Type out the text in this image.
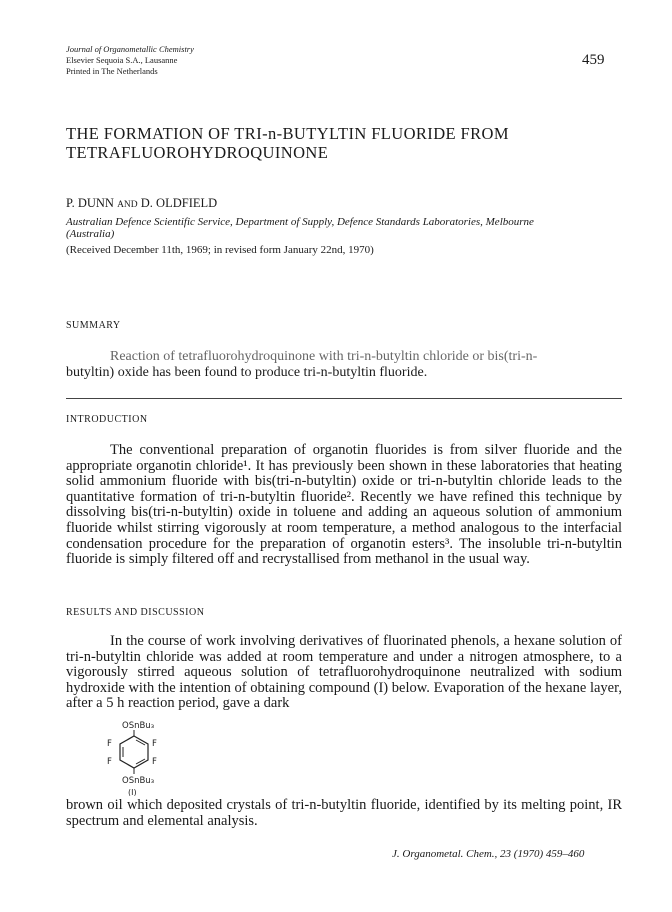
Journal of Organometallic Chemistry
Elsevier Sequoia S.A., Lausanne
Printed in The Netherlands
459
THE FORMATION OF TRI-n-BUTYLTIN FLUORIDE FROM
TETRAFLUOROHYDROQUINONE
P. DUNN AND D. OLDFIELD
Australian Defence Scientific Service, Department of Supply, Defence Standards Laboratories, Melbourne
(Australia)
(Received December 11th, 1969; in revised form January 22nd, 1970)
SUMMARY
Reaction of tetrafluorohydroquinone with tri-n-butyltin chloride or bis(tri-n-
butyltin) oxide has been found to produce tri-n-butyltin fluoride.
INTRODUCTION

The conventional preparation of organotin fluorides is from silver fluoride and the appropriate organotin chloride¹. It has previously been shown in these laboratories that heating solid ammonium fluoride with bis(tri-n-butyltin) oxide or tri-n-butyltin chloride leads to the quantitative formation of tri-n-butyltin fluoride². Recently we have refined this technique by dissolving bis(tri-n-butyltin) oxide in toluene and adding an aqueous solution of ammonium fluoride whilst stirring vigorously at room temperature, a method analogous to the interfacial condensation procedure for the preparation of organotin esters³. The insoluble tri-n-butyltin fluoride is simply filtered off and recrystallised from methanol in the usual way.

RESULTS AND DISCUSSION

In the course of work involving derivatives of fluorinated phenols, a hexane solution of tri-n-butyltin chloride was added at room temperature and under a nitrogen atmosphere, to a vigorously stirred aqueous solution of tetrafluorohydroquinone neutralized with sodium hydroxide with the intention of obtaining compound (I) below. Evaporation of the hexane layer, after a 5 h reaction period, gave a dark

OSnBu₃
F	F
F	F
OSnBu₃
(I)

brown oil which deposited crystals of tri-n-butyltin fluoride, identified by its melting point, IR spectrum and elemental analysis.

J. Organometal. Chem., 23 (1970) 459–460
